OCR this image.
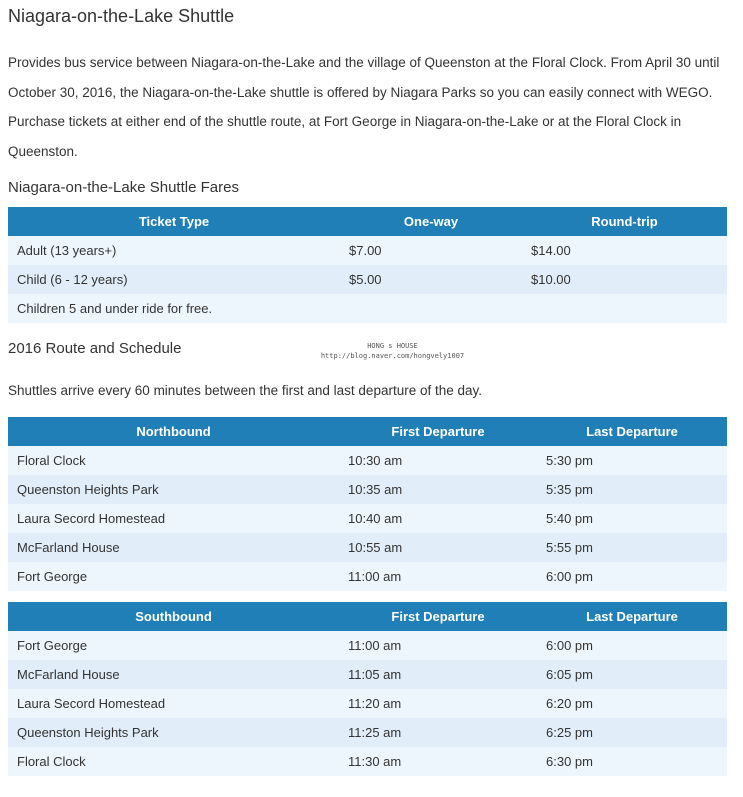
Niagara-on-the-Lake Shuttle

Provides bus service between Niagara-on-the-Lake and the village of Queenston at the Floral Clock. From April 30 until October 30, 2016, the Niagara-on-the-Lake shuttle is offered by Niagara Parks so you can easily connect with WEGO. Purchase tickets at either end of the shuttle route, at Fort George in Niagara-on-the-Lake or at the Floral Clock in Queenston.

Niagara-on-the-Lake Shuttle Fares
Ticket Type	One-way	Round-trip
Adult (13 years+)	$7.00	$14.00
Child (6 - 12 years)	$5.00	$10.00
Children 5 and under ride for free.		
2016 Route and Schedule	HONG s HOUSE
http://blog.naver.com/hongvely1007

Shuttles arrive every 60 minutes between the first and last departure of the day.

Northbound	First Departure	Last Departure
Floral Clock	10:30 am	5:30 pm
Queenston Heights Park	10:35 am	5:35 pm
Laura Secord Homestead	10:40 am	5:40 pm
McFarland House	10:55 am	5:55 pm
Fort George	11:00 am	6:00 pm
Southbound	First Departure	Last Departure
Fort George	11:00 am	6:00 pm
McFarland House	11:05 am	6:05 pm
Laura Secord Homestead	11:20 am	6:20 pm
Queenston Heights Park	11:25 am	6:25 pm
Floral Clock	11:30 am	6:30 pm
